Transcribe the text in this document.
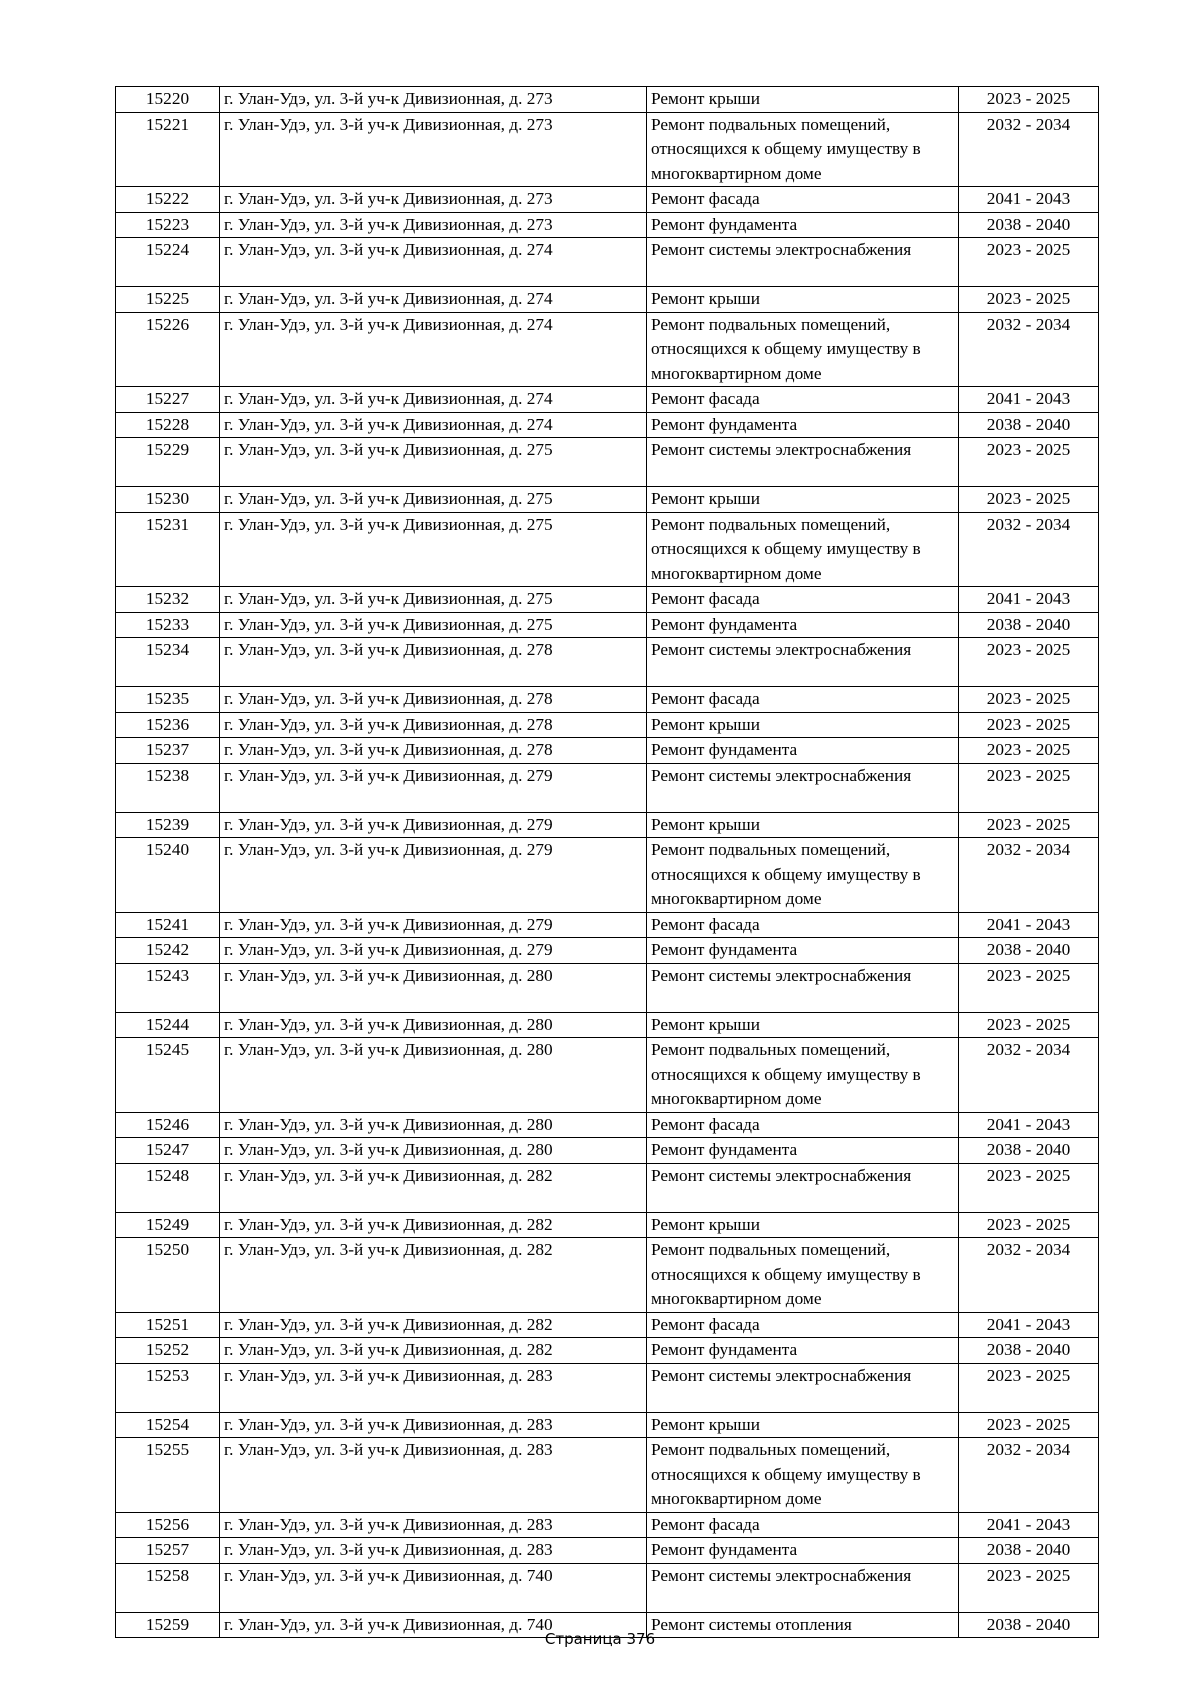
15220	г. Улан-Удэ, ул. 3-й уч-к Дивизионная, д. 273	Ремонт крыши	2023 - 2025
15221	г. Улан-Удэ, ул. 3-й уч-к Дивизионная, д. 273	Ремонт подвальных помещений, относящихся к общему имуществу в многоквартирном доме	2032 - 2034
15222	г. Улан-Удэ, ул. 3-й уч-к Дивизионная, д. 273	Ремонт фасада	2041 - 2043
15223	г. Улан-Удэ, ул. 3-й уч-к Дивизионная, д. 273	Ремонт фундамента	2038 - 2040
15224	г. Улан-Удэ, ул. 3-й уч-к Дивизионная, д. 274	Ремонт системы электроснабжения	2023 - 2025
15225	г. Улан-Удэ, ул. 3-й уч-к Дивизионная, д. 274	Ремонт крыши	2023 - 2025
15226	г. Улан-Удэ, ул. 3-й уч-к Дивизионная, д. 274	Ремонт подвальных помещений, относящихся к общему имуществу в многоквартирном доме	2032 - 2034
15227	г. Улан-Удэ, ул. 3-й уч-к Дивизионная, д. 274	Ремонт фасада	2041 - 2043
15228	г. Улан-Удэ, ул. 3-й уч-к Дивизионная, д. 274	Ремонт фундамента	2038 - 2040
15229	г. Улан-Удэ, ул. 3-й уч-к Дивизионная, д. 275	Ремонт системы электроснабжения	2023 - 2025
15230	г. Улан-Удэ, ул. 3-й уч-к Дивизионная, д. 275	Ремонт крыши	2023 - 2025
15231	г. Улан-Удэ, ул. 3-й уч-к Дивизионная, д. 275	Ремонт подвальных помещений, относящихся к общему имуществу в многоквартирном доме	2032 - 2034
15232	г. Улан-Удэ, ул. 3-й уч-к Дивизионная, д. 275	Ремонт фасада	2041 - 2043
15233	г. Улан-Удэ, ул. 3-й уч-к Дивизионная, д. 275	Ремонт фундамента	2038 - 2040
15234	г. Улан-Удэ, ул. 3-й уч-к Дивизионная, д. 278	Ремонт системы электроснабжения	2023 - 2025
15235	г. Улан-Удэ, ул. 3-й уч-к Дивизионная, д. 278	Ремонт фасада	2023 - 2025
15236	г. Улан-Удэ, ул. 3-й уч-к Дивизионная, д. 278	Ремонт крыши	2023 - 2025
15237	г. Улан-Удэ, ул. 3-й уч-к Дивизионная, д. 278	Ремонт фундамента	2023 - 2025
15238	г. Улан-Удэ, ул. 3-й уч-к Дивизионная, д. 279	Ремонт системы электроснабжения	2023 - 2025
15239	г. Улан-Удэ, ул. 3-й уч-к Дивизионная, д. 279	Ремонт крыши	2023 - 2025
15240	г. Улан-Удэ, ул. 3-й уч-к Дивизионная, д. 279	Ремонт подвальных помещений, относящихся к общему имуществу в многоквартирном доме	2032 - 2034
15241	г. Улан-Удэ, ул. 3-й уч-к Дивизионная, д. 279	Ремонт фасада	2041 - 2043
15242	г. Улан-Удэ, ул. 3-й уч-к Дивизионная, д. 279	Ремонт фундамента	2038 - 2040
15243	г. Улан-Удэ, ул. 3-й уч-к Дивизионная, д. 280	Ремонт системы электроснабжения	2023 - 2025
15244	г. Улан-Удэ, ул. 3-й уч-к Дивизионная, д. 280	Ремонт крыши	2023 - 2025
15245	г. Улан-Удэ, ул. 3-й уч-к Дивизионная, д. 280	Ремонт подвальных помещений, относящихся к общему имуществу в многоквартирном доме	2032 - 2034
15246	г. Улан-Удэ, ул. 3-й уч-к Дивизионная, д. 280	Ремонт фасада	2041 - 2043
15247	г. Улан-Удэ, ул. 3-й уч-к Дивизионная, д. 280	Ремонт фундамента	2038 - 2040
15248	г. Улан-Удэ, ул. 3-й уч-к Дивизионная, д. 282	Ремонт системы электроснабжения	2023 - 2025
15249	г. Улан-Удэ, ул. 3-й уч-к Дивизионная, д. 282	Ремонт крыши	2023 - 2025
15250	г. Улан-Удэ, ул. 3-й уч-к Дивизионная, д. 282	Ремонт подвальных помещений, относящихся к общему имуществу в многоквартирном доме	2032 - 2034
15251	г. Улан-Удэ, ул. 3-й уч-к Дивизионная, д. 282	Ремонт фасада	2041 - 2043
15252	г. Улан-Удэ, ул. 3-й уч-к Дивизионная, д. 282	Ремонт фундамента	2038 - 2040
15253	г. Улан-Удэ, ул. 3-й уч-к Дивизионная, д. 283	Ремонт системы электроснабжения	2023 - 2025
15254	г. Улан-Удэ, ул. 3-й уч-к Дивизионная, д. 283	Ремонт крыши	2023 - 2025
15255	г. Улан-Удэ, ул. 3-й уч-к Дивизионная, д. 283	Ремонт подвальных помещений, относящихся к общему имуществу в многоквартирном доме	2032 - 2034
15256	г. Улан-Удэ, ул. 3-й уч-к Дивизионная, д. 283	Ремонт фасада	2041 - 2043
15257	г. Улан-Удэ, ул. 3-й уч-к Дивизионная, д. 283	Ремонт фундамента	2038 - 2040
15258	г. Улан-Удэ, ул. 3-й уч-к Дивизионная, д. 740	Ремонт системы электроснабжения	2023 - 2025
15259	г. Улан-Удэ, ул. 3-й уч-к Дивизионная, д. 740	Ремонт системы отопления	2038 - 2040
Страница 376
